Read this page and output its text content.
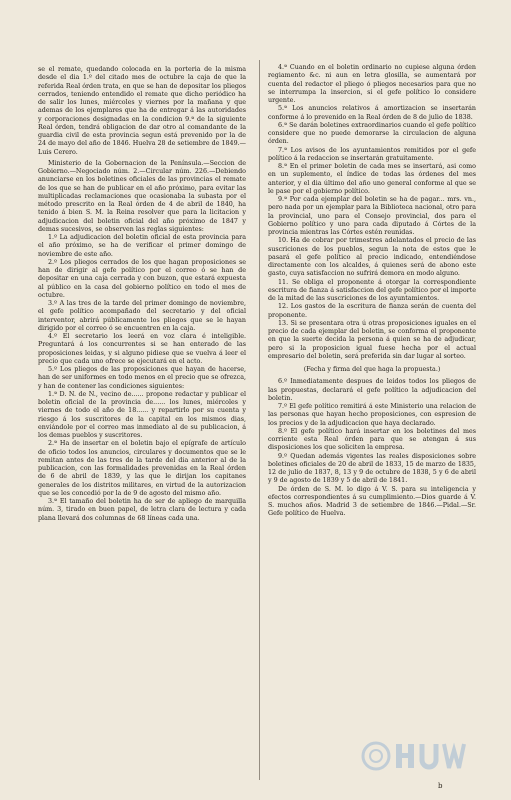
se el remate, quedando colocada en la porteria de la misma desde el dia 1.º del citado mes de octubre la caja de que la referida Real órden trata, en que se han de depositar los pliegos cerrados, teniendo entendido el remate que dicho periódico ha de salir los lunes, miércoles y viernes por la mañana y que ademas de los ejemplares que ha de entregar á las autoridades y corporaciones designadas en la condicion 9.ª de la siguiente Real órden, tendrá obligacion de dar otro al comandante de la guardia civil de esta provincia segun está prevenido por la de 24 de mayo del año de 1846. Huelva 28 de setiembre de 1849.—Luis Cerero.

Ministerio de la Gobernacion de la Península.—Seccion de Gobierno.—Negociado núm. 2.—Circular núm. 226.—Debiendo anunciarse en los boletines oficiales de las provincias el remate de los que se han de publicar en el año próximo, para evitar las multiplicadas reclamaciones que ocasionaba la subasta por el método prescrito en la Real órden de 4 de abril de 1840, ha tenido á bien S. M. la Reina resolver que para la licitacion y adjudicacion del boletin oficial del año próximo de 1847 y demas sucesivos, se observen las reglas siguientes:

1.º La adjudicacion del boletin oficial de esta provincia para el año próximo, se ha de verificar el primer domingo de noviembre de este año.

2.º Los pliegos cerrados de los que hagan proposiciones se han de dirigir al gefe político por el correo ó se han de depositar en una caja cerrada y con buzon, que estará expuesta al público en la casa del gobierno político en todo el mes de octubre.

3.º A las tres de la tarde del primer domingo de noviembre, el gefe político acompañado del secretario y del oficial interventor, abrirá públicamente los pliegos que se le hayan dirigido por el correo ó se encuentren en la caja.

4.º El secretario los leerá en voz clara é inteligible. Preguntará á los concurrentes si se han enterado de las proposiciones leidas, y si alguno pidiese que se vuelva á leer el precio que cada uno ofrece se ejecutará en el acto.

5.º Los pliegos de las proposiciones que hayan de hacerse, han de ser uniformes en todo menos en el precio que se ofrezca, y han de contener las condiciones siguientes:

1.ª D. N. de N., vecino de...... propone redactar y publicar el boletin oficial de la provincia de...... los lunes, miércoles y viernes de todo el año de 18...... y repartirlo por su cuenta y riesgo á los suscritores de la capital en los mismos dias, enviándole por el correo mas inmediato al de su publicacion, á los demas pueblos y suscritores.

2.ª Ha de insertar en el boletin bajo el epígrafe de artículo de oficio todos los anuncios, circulares y documentos que se le remitan antes de las tres de la tarde del dia anterior al de la publicacion, con las formalidades prevenidas en la Real órden de 6 de abril de 1839, y las que le dirijan los capitanes generales de los distritos militares, en virtud de la autorizacion que se les concedió por la de 9 de agosto del mismo año.

3.ª El tamaño del boletin ha de ser de apliego de marquilla núm. 3, tirado en buen papel, de letra clara de lectura y cada plana llevará dos columnas de 68 líneas cada una.

4.ª Cuando en el boletin ordinario no cupiese alguna órden regiamento &c. ni aun en letra glosilla, se aumentará por cuenta del redactor el pliego ó pliegos necesarios para que no se interrumpa la insercion, si el gefe político lo considere urgente.

5.ª Los anuncios relativos á amortizacion se insertarán conforme á lo prevenido en la Real órden de 8 de julio de 1838.

6.ª Se darán boletines extraordinarios cuando el gefe político considere que no puede demorarse la circulacion de alguna órden.

7.ª Los avisos de los ayuntamientos remitidos por el gefe político á la redaccion se insertarán gratuitamente.

8.ª En el primer boletin de cada mes se insertará, asi como en un suplemento, el índice de todas las órdenes del mes anterior, y el dia último del año uno general conforme al que se le pase por el gobierno político.

9.ª Por cada ejemplar del boletin se ha de pagar... mrs. vn., pero nada por un ejemplar para la Biblioteca nacional, otro para la provincial, uno para el Consejo provincial, dos para el Gobierno político y uno para cada diputado á Córtes de la provincia mientras las Córtes estén reunidas.

10. Ha de cobrar por trimestres adelantados el precio de las suscriciones de los pueblos, segun la nota de estos que le pasará el gefe político al precio indicado, entendiéndose directamente con los alcaldes, á quienes será de abono este gasto, cuya satisfaccion no sufrirá demora en modo alguno.

11. Se obliga el proponente á otorgar la correspondiente escritura de fianza á satisfaccion del gefe político por el importe de la mitad de las suscriciones de los ayuntamientos.

12. Los gastos de la escritura de fianza serán de cuenta del proponente.

13. Si se presentara otra ú otras proposiciones iguales en el precio de cada ejemplar del boletin, se conforma el proponente en que la suerte decida la persona á quien se ha de adjudicar, pero si la proposicion igual fuese hecha por el actual empresario del boletin, será preferida sin dar lugar al sorteo.

(Fecha y firma del que haga la propuesta.)

6.º Inmediatamente despues de leidos todos los pliegos de las propuestas, declarará el gefe político la adjudicacion del boletin.

7.º El gefe político remitirá á este Ministerio una relacion de las personas que hayan hecho proposiciones, con espresion de los precios y de la adjudicacion que haya declarado.

8.º El gefe político hará insertar en los boletines del mes corriente esta Real órden para que se atengan á sus disposiciones los que soliciten la empresa.

9.º Quedan además vigentes las reales disposiciones sobre boletines oficiales de 20 de abril de 1833, 15 de marzo de 1835, 12 de julio de 1837, 8, 13 y 9 de octubre de 1838, 5 y 6 de abril y 9 de agosto de 1839 y 5 de abril de 1841.

De órden de S. M. lo digo á V. S. para su inteligencia y efectos correspondientes á su cumplimiento.—Dios guarde á V. S. muchos años. Madrid 3 de setiembre de 1846.—Pidal.—Sr. Gefe político de Huelva.

b
